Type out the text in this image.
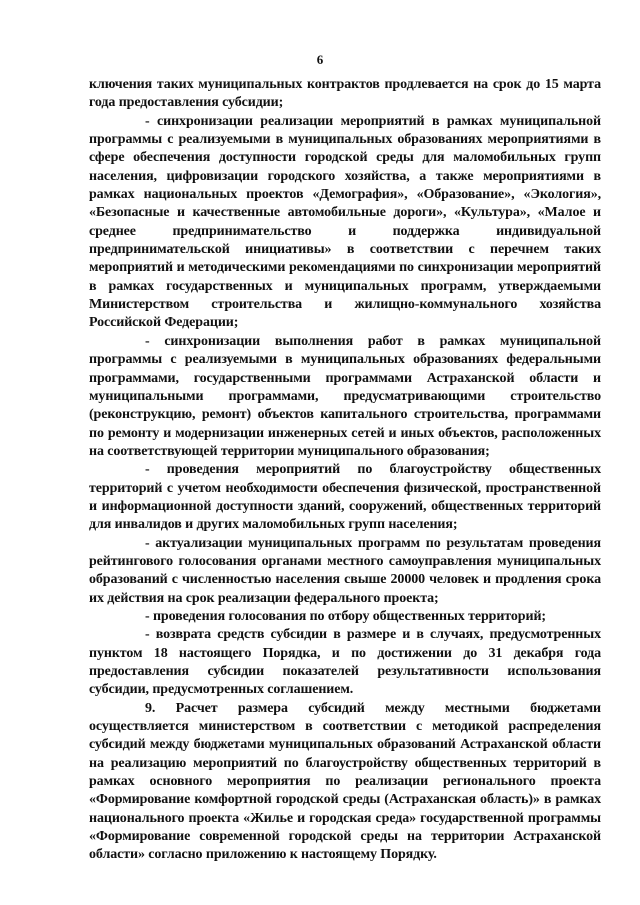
6

ключения таких муниципальных контрактов продлевается на срок до 15 марта года предоставления субсидии;

- синхронизации реализации мероприятий в рамках муниципальной программы с реализуемыми в муниципальных образованиях мероприятиями в сфере обеспечения доступности городской среды для маломобильных групп населения, цифровизации городского хозяйства, а также мероприятиями в рамках национальных проектов «Демография», «Образование», «Экология», «Безопасные и качественные автомобильные дороги», «Культура», «Малое и среднее предпринимательство и поддержка индивидуальной предпринимательской инициативы» в соответствии с перечнем таких мероприятий и методическими рекомендациями по синхронизации мероприятий в рамках государственных и муниципальных программ, утверждаемыми Министерством строительства и жилищно-коммунального хозяйства Российской Федерации;

- синхронизации выполнения работ в рамках муниципальной программы с реализуемыми в муниципальных образованиях федеральными программами, государственными программами Астраханской области и муниципальными программами, предусматривающими строительство (реконструкцию, ремонт) объектов капитального строительства, программами по ремонту и модернизации инженерных сетей и иных объектов, расположенных на соответствующей территории муниципального образования;

- проведения мероприятий по благоустройству общественных территорий с учетом необходимости обеспечения физической, пространственной и информационной доступности зданий, сооружений, общественных территорий для инвалидов и других маломобильных групп населения;

- актуализации муниципальных программ по результатам проведения рейтингового голосования органами местного самоуправления муниципальных образований с численностью населения свыше 20000 человек и продления срока их действия на срок реализации федерального проекта;

- проведения голосования по отбору общественных территорий;

- возврата средств субсидии в размере и в случаях, предусмотренных пунктом 18 настоящего Порядка, и по достижении до 31 декабря года предоставления субсидии показателей результативности использования субсидии, предусмотренных соглашением.

9. Расчет размера субсидий между местными бюджетами осуществляется министерством в соответствии с методикой распределения субсидий между бюджетами муниципальных образований Астраханской области на реализацию мероприятий по благоустройству общественных территорий в рамках основного мероприятия по реализации регионального проекта «Формирование комфортной городской среды (Астраханская область)» в рамках национального проекта «Жилье и городская среда» государственной программы «Формирование современной городской среды на территории Астраханской области» согласно приложению к настоящему Порядку.
